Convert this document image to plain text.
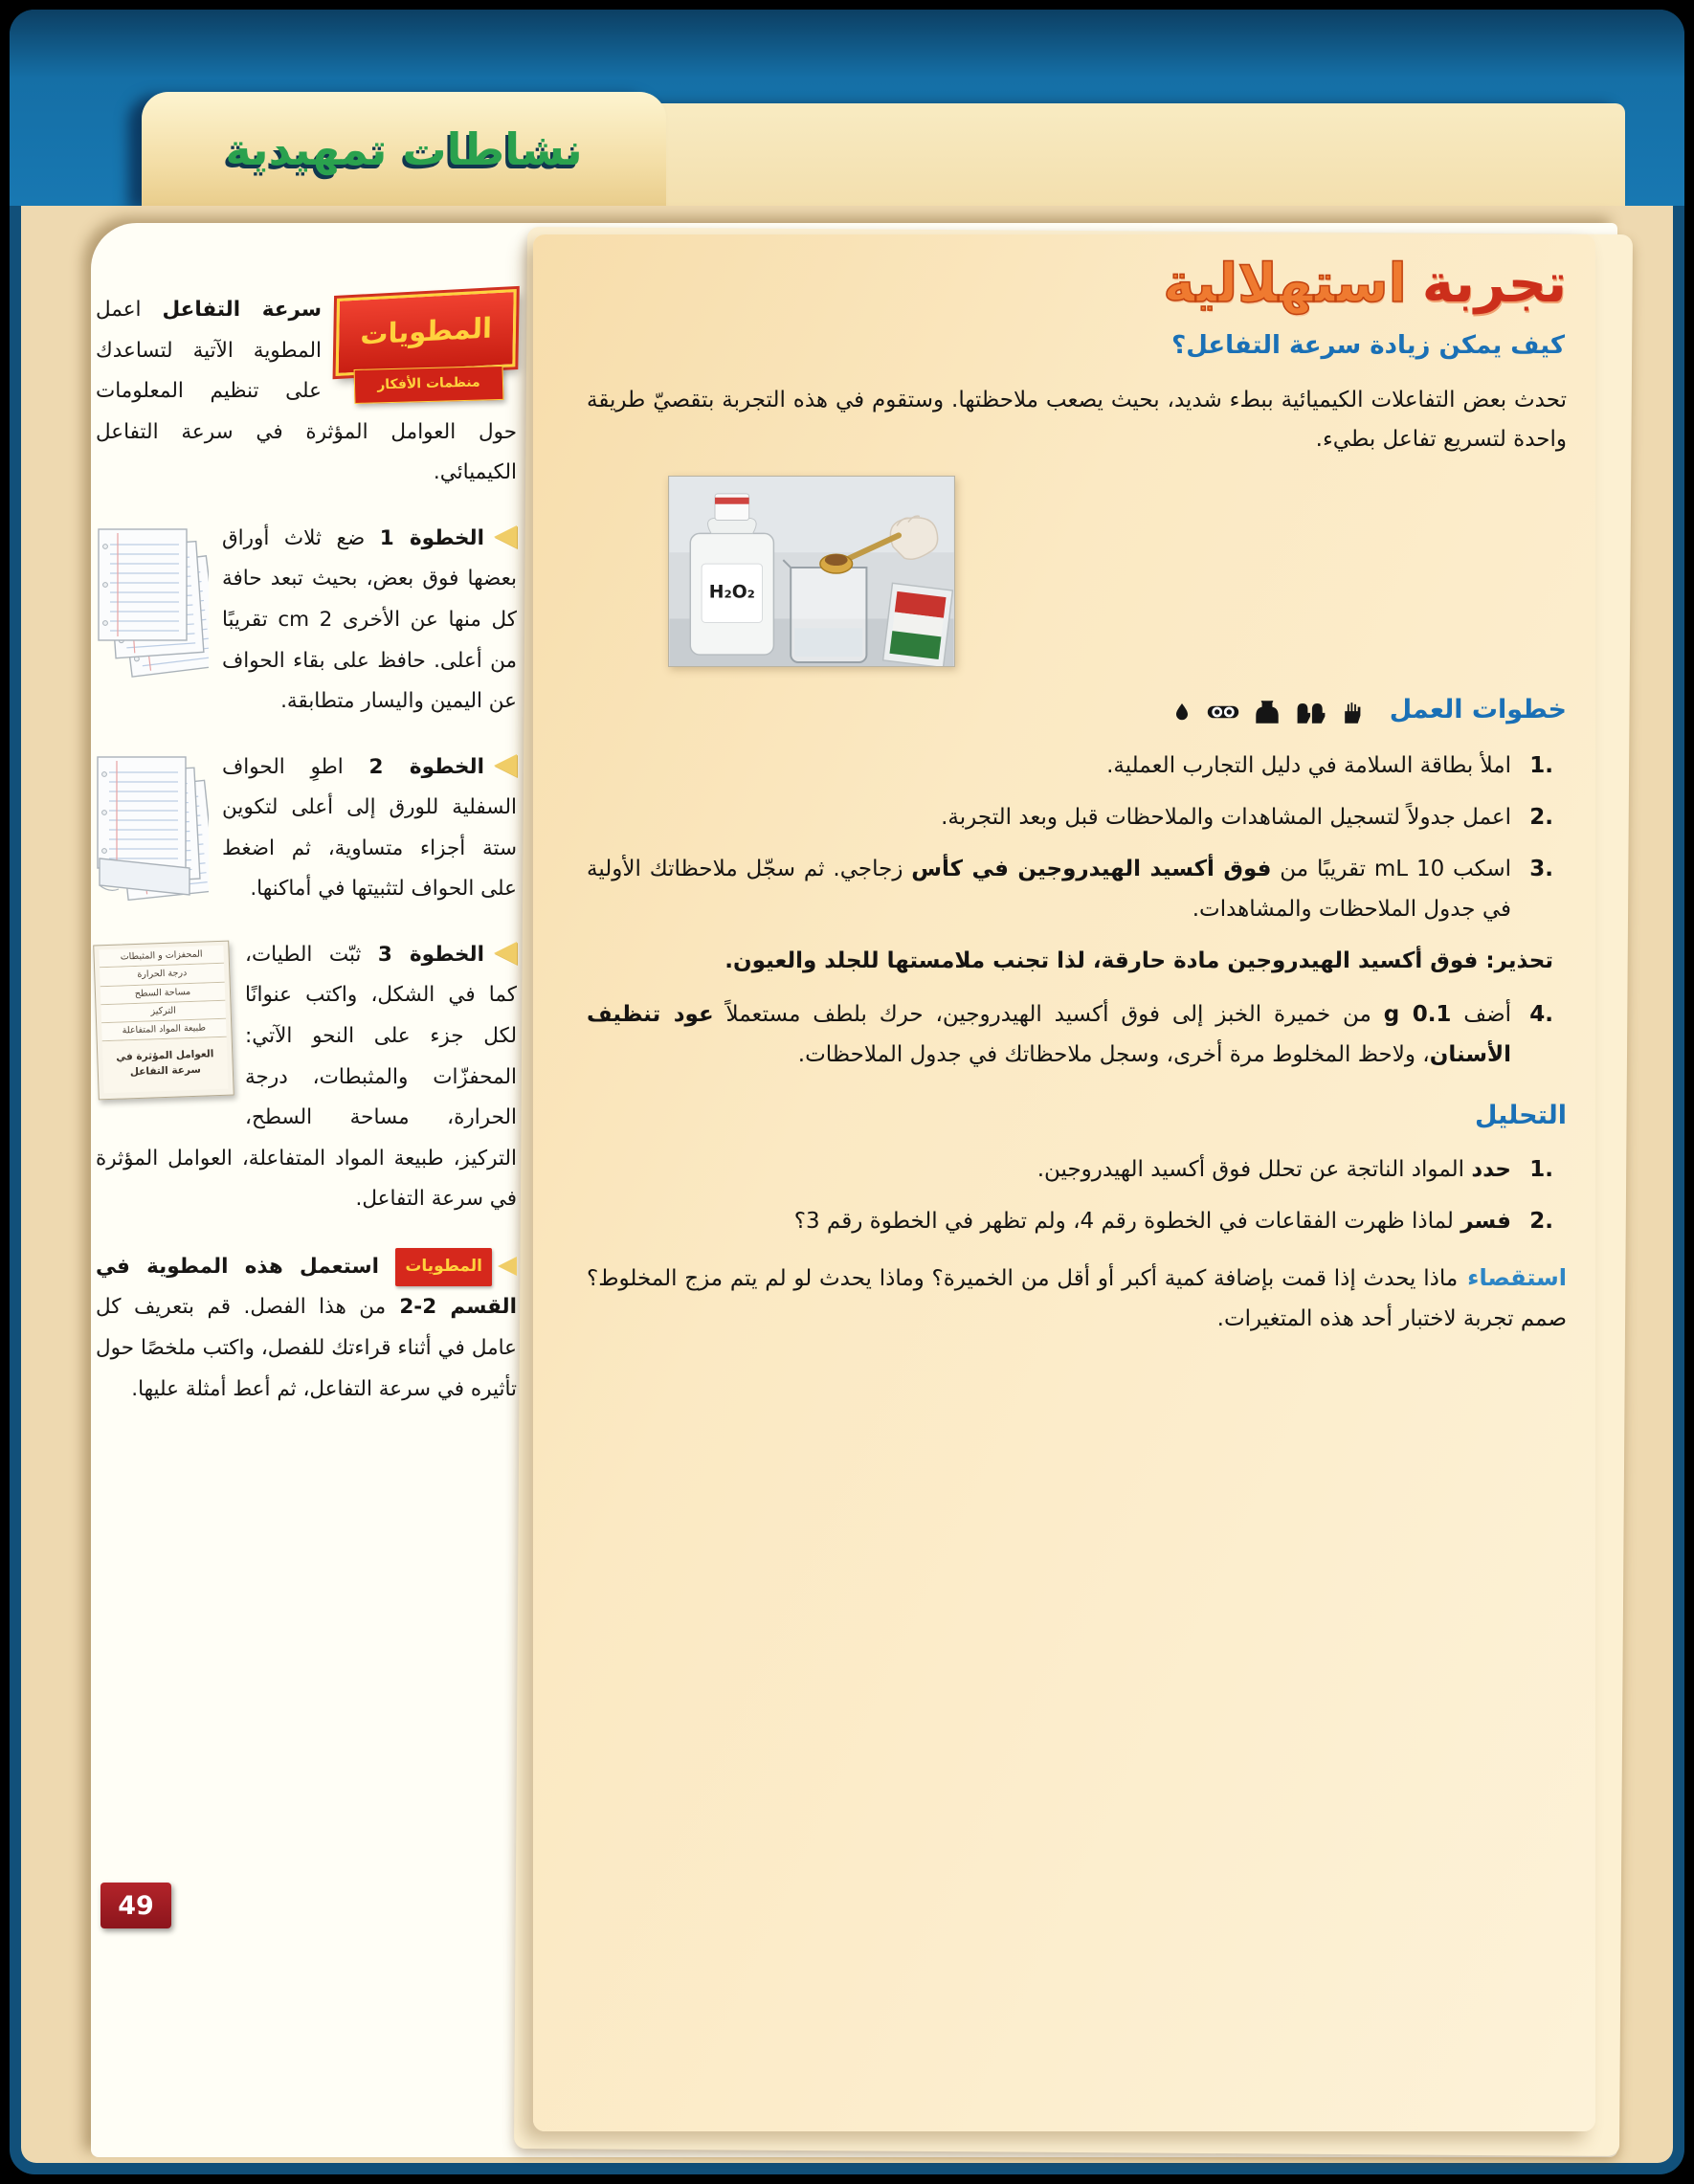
نشاطات تمهيدية
تجربة استهلالية
كيف يمكن زيادة سرعة التفاعل؟

تحدث بعض التفاعلات الكيميائية ببطء شديد، بحيث يصعب ملاحظتها. وستقوم في هذه التجربة بتقصيّ طريقة واحدة لتسريع تفاعل بطيء.

H₂O₂
خطوات العمل
1.
املأ بطاقة السلامة في دليل التجارب العملية.
2.
اعمل جدولاً لتسجيل المشاهدات والملاحظات قبل وبعد التجربة.
3.
اسكب 10 mL تقريبًا من فوق أكسيد الهيدروجين في كأس زجاجي. ثم سجّل ملاحظاتك الأولية في جدول الملاحظات والمشاهدات.

تحذير: فوق أكسيد الهيدروجين مادة حارقة، لذا تجنب ملامستها للجلد والعيون.

4.
أضف 0.1 g من خميرة الخبز إلى فوق أكسيد الهيدروجين، حرك بلطف مستعملاً عود تنظيف الأسنان، ولاحظ المخلوط مرة أخرى، وسجل ملاحظاتك في جدول الملاحظات.
التحليل
1.
حدد المواد الناتجة عن تحلل فوق أكسيد الهيدروجين.
2.
فسر لماذا ظهرت الفقاعات في الخطوة رقم 4، ولم تظهر في الخطوة رقم 3؟

استقصاءماذا يحدث إذا قمت بإضافة كمية أكبر أو أقل من الخميرة؟ وماذا يحدث لو لم يتم مزج المخلوط؟ صمم تجربة لاختبار أحد هذه المتغيرات.

المطويات
منظمات الأفكار

سرعة التفاعل اعمل المطوية الآتية لتساعدك على تنظيم المعلومات حول العوامل المؤثرة في سرعة التفاعل الكيميائي.

الخطوة 1 ضع ثلاث أوراق بعضها فوق بعض، بحيث تبعد حافة كل منها عن الأخرى 2 cm تقريبًا من أعلى. حافظ على بقاء الحواف عن اليمين واليسار متطابقة.

الخطوة 2 اطوِ الحواف السفلية للورق إلى أعلى لتكوين ستة أجزاء متساوية، ثم اضغط على الحواف لتثبيتها في أماكنها.

المحفزات و المثبطات
درجة الحرارة
مساحة السطح
التركيز
طبيعة المواد المتفاعلة
العوامل المؤثرة في سرعة التفاعل
الخطوة 3 ثبّت الطيات، كما في الشكل، واكتب عنوانًا لكل جزء على النحو الآتي: المحفزّات والمثبطات، درجة الحرارة، مساحة السطح، التركيز، طبيعة المواد المتفاعلة، العوامل المؤثرة في سرعة التفاعل.

المطويات استعمل هذه المطوية في القسم 2-2 من هذا الفصل. قم بتعريف كل عامل في أثناء قراءتك للفصل، واكتب ملخصًا حول تأثيره في سرعة التفاعل، ثم أعط أمثلة عليها.

49
